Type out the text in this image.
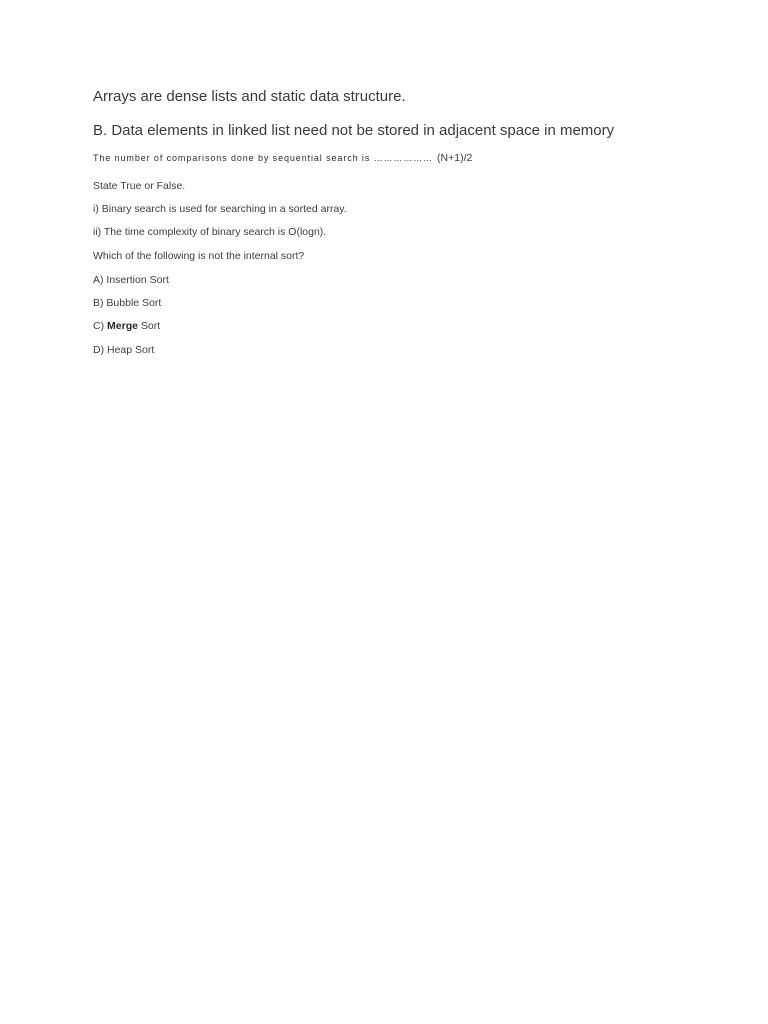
Arrays are dense lists and static data structure.
B. Data elements in linked list need not be stored in adjacent space in memory
The number of comparisons done by sequential search is ……………… (N+1)/2
State True or False.
i) Binary search is used for searching in a sorted array.
ii) The time complexity of binary search is O(logn).
Which of the following is not the internal sort?
A) Insertion Sort
B) Bubble Sort
C) Merge Sort
D) Heap Sort
